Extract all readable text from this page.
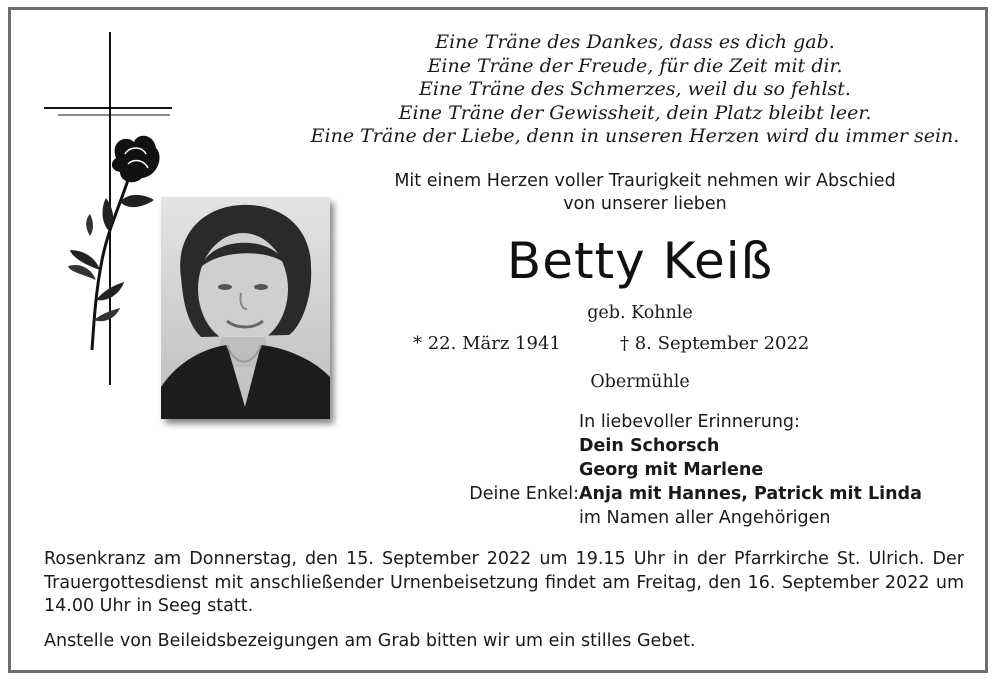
Eine Träne des Dankes, dass es dich gab.
Eine Träne der Freude, für die Zeit mit dir.
Eine Träne des Schmerzes, weil du so fehlst.
Eine Träne der Gewissheit, dein Platz bleibt leer.
Eine Träne der Liebe, denn in unseren Herzen wird du immer sein.
Mit einem Herzen voller Traurigkeit nehmen wir Abschied
von unserer lieben
Betty Keiß
geb. Kohnle
* 22. März 1941	† 8. September 2022
Obermühle
In liebevoller Erinnerung:
Dein Schorsch
Georg mit Marlene
Deine Enkel: Anja mit Hannes, Patrick mit Linda
im Namen aller Angehörigen
Rosenkranz am Donnerstag, den 15. September 2022 um 19.15 Uhr in der Pfarrkirche St. Ulrich. Der Trauergottesdienst mit anschließender Urnenbeisetzung findet am Freitag, den 16. September 2022 um 14.00 Uhr in Seeg statt.
Anstelle von Beileidsbezeigungen am Grab bitten wir um ein stilles Gebet.
